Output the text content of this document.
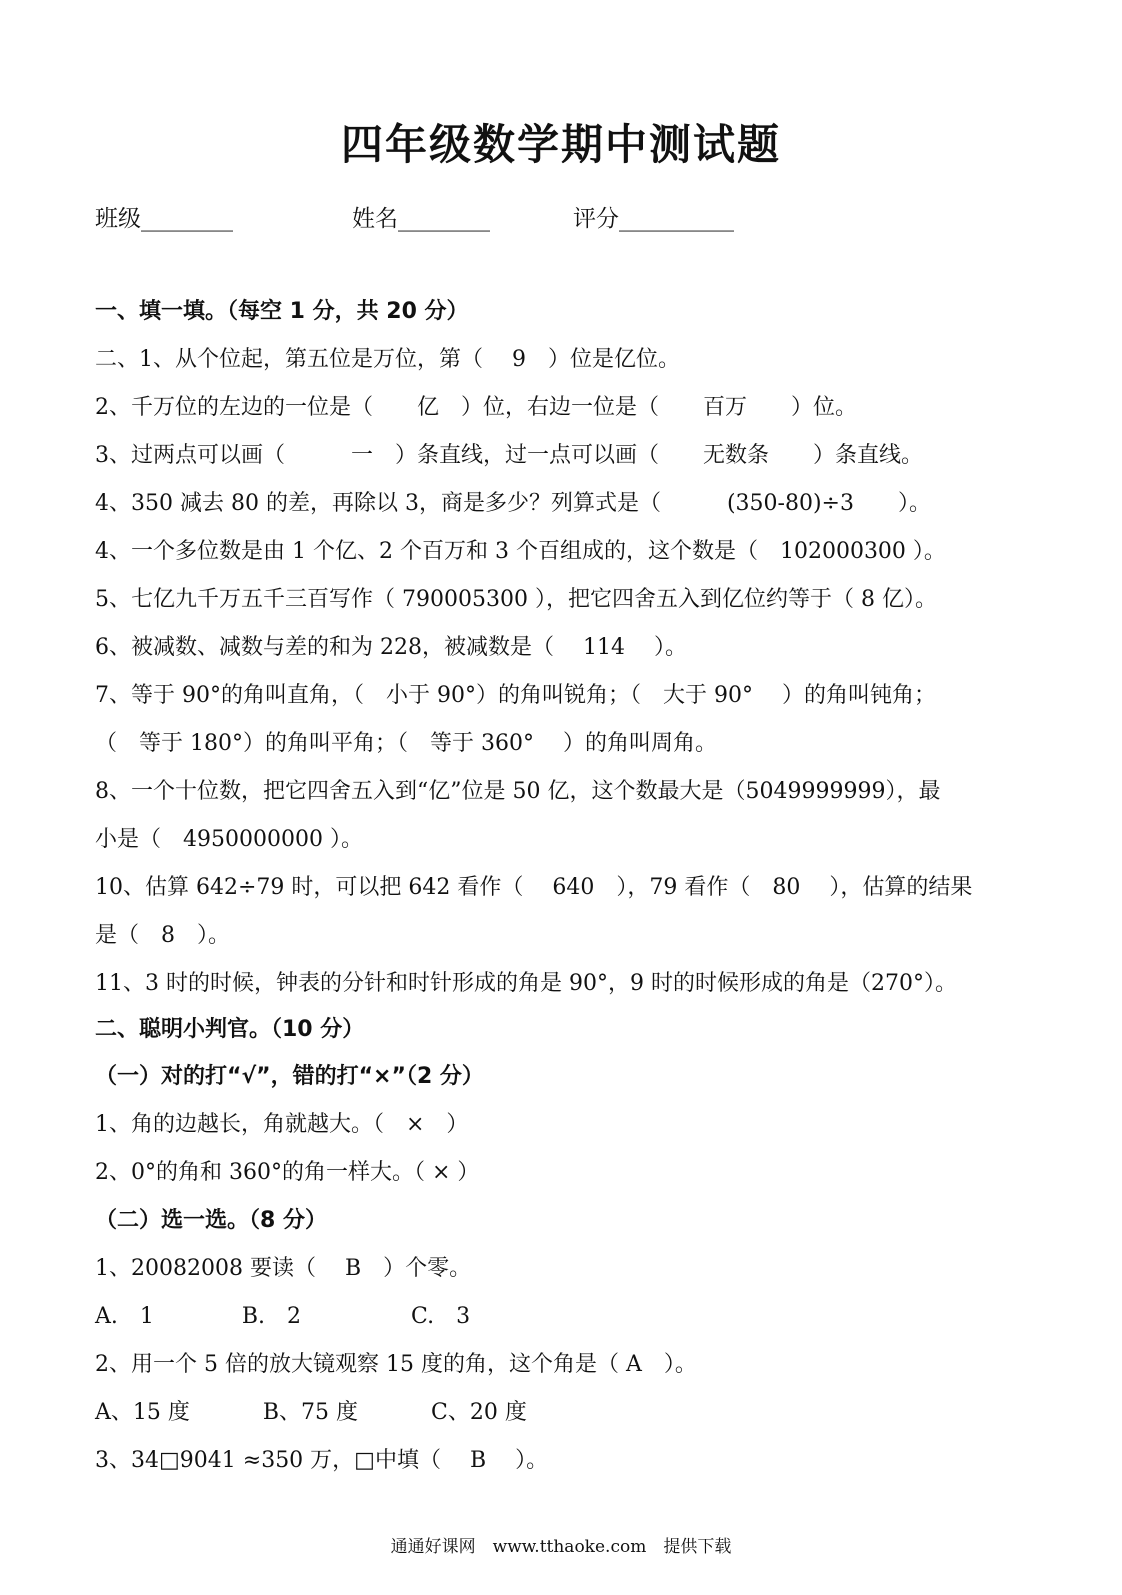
四年级数学期中测试题
班级________	姓名________	评分__________
一、填一填。（每空 1 分，共 20 分）
二、1、从个位起，第五位是万位，第（　 9　）位是亿位。
2、千万位的左边的一位是（　　亿　）位，右边一位是（　　百万　　）位。
3、过两点可以画（　　　一　）条直线，过一点可以画（　　无数条　　）条直线。
4、350 减去 80 的差，再除以 3，商是多少？列算式是（　　　(350-80)÷3　　）。
4、一个多位数是由 1 个亿、2 个百万和 3 个百组成的，这个数是（　102000300 ）。
5、七亿九千万五千三百写作（ 790005300 ），把它四舍五入到亿位约等于（ 8 亿）。
6、被减数、减数与差的和为 228，被减数是（　 114　 ）。
7、等于 90°的角叫直角，（　小于 90°）的角叫锐角；（　大于 90°　 ）的角叫钝角；
（　等于 180°）的角叫平角；（　等于 360°　 ）的角叫周角。
8、一个十位数，把它四舍五入到“亿”位是 50 亿，这个数最大是（5049999999），最
小是（　4950000000 ）。
10、估算 642÷79 时，可以把 642 看作（　 640　），79 看作（　80　 ），估算的结果
是（　8　）。
11、3 时的时候，钟表的分针和时针形成的角是 90°，9 时的时候形成的角是（270°）。
二、聪明小判官。（10 分）
（一）对的打“√”，错的打“×”（2 分）
1、角的边越长，角就越大。（　×　）
2、0°的角和 360°的角一样大。（ × ）
（二）选一选。（8 分）
1、20082008 要读（　 B　）个零。
A.　1　　　　B.　2　　　　　C.　3
2、用一个 5 倍的放大镜观察 15 度的角，这个角是（ A　）。
A、15 度　　　 B、75 度　　　 C、20 度
3、34□9041 ≈350 万，□中填（　 B　 ）。
通通好课网　www.tthaoke.com　提供下载
